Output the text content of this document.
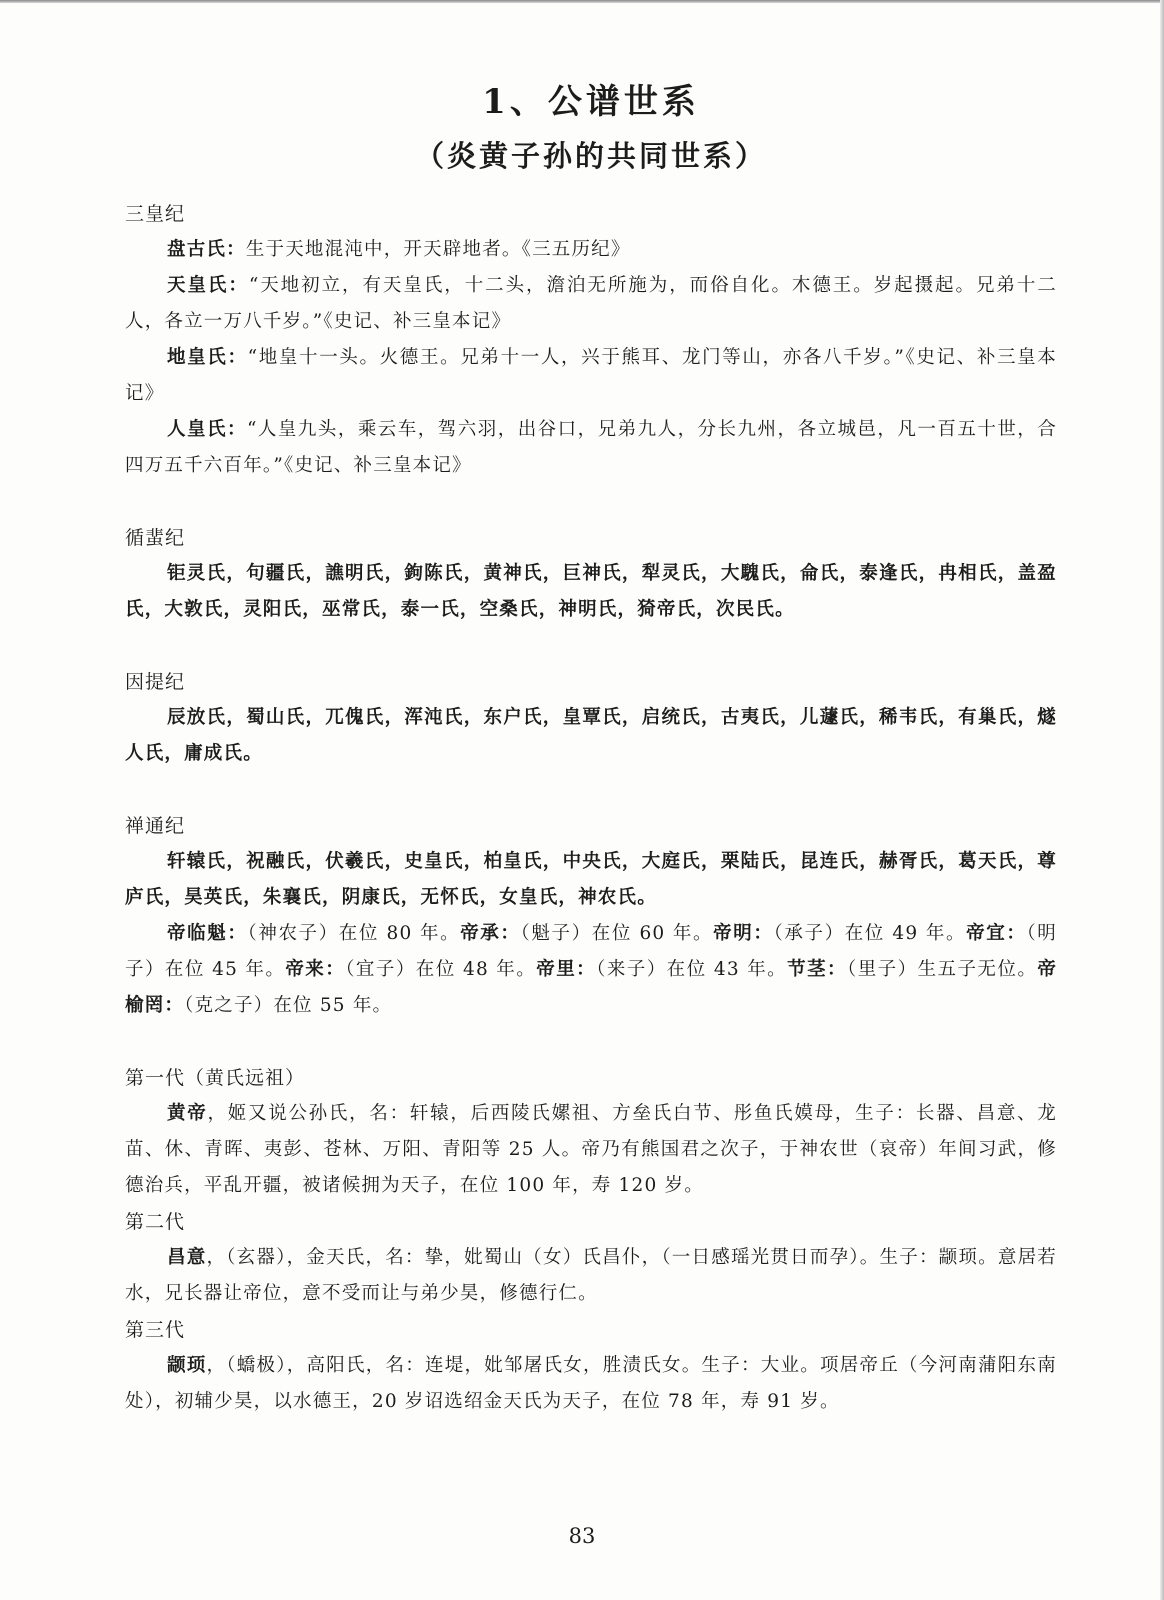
1、公谱世系
（炎黄子孙的共同世系）

三皇纪

盘古氏：生于天地混沌中，开天辟地者。《三五历纪》

天皇氏：“天地初立，有天皇氏，十二头，澹泊无所施为，而俗自化。木德王。岁起摄起。兄弟十二人，各立一万八千岁。”《史记、补三皇本记》

地皇氏：“地皇十一头。火德王。兄弟十一人，兴于熊耳、龙门等山，亦各八千岁。”《史记、补三皇本记》

人皇氏：“人皇九头，乘云车，驾六羽，出谷口，兄弟九人，分长九州，各立城邑，凡一百五十世，合四万五千六百年。”《史记、补三皇本记》

循蜚纪

钜灵氏，句疆氏，譙明氏，鉤陈氏，黄神氏，巨神氏，犁灵氏，大騩氏，侖氏，泰逢氏，冉相氏，盖盈氏，大敦氏，灵阳氏，巫常氏，泰一氏，空桑氏，神明氏，猗帝氏，次民氏。

因提纪

辰放氏，蜀山氏，兀傀氏，浑沌氏，东户氏，皇覃氏，启统氏，古夷氏，儿蘧氏，稀韦氏，有巢氏，燧人氏，庸成氏。

禅通纪

轩辕氏，祝融氏，伏羲氏，史皇氏，柏皇氏，中央氏，大庭氏，栗陆氏，昆连氏，赫胥氏，葛天氏，尊庐氏，昊英氏，朱襄氏，阴康氏，无怀氏，女皇氏，神农氏。

帝临魁：（神农子）在位 80 年。帝承：（魁子）在位 60 年。帝明：（承子）在位 49 年。帝宜：（明子）在位 45 年。帝来：（宜子）在位 48 年。帝里：（来子）在位 43 年。节茎：（里子）生五子无位。帝榆罔：（克之子）在位 55 年。

第一代（黄氏远祖）

黄帝，姬又说公孙氏，名：轩辕，后西陵氏嫘祖、方垒氏白节、彤鱼氏嫫母，生子：长器、昌意、龙苗、休、青晖、夷彭、苍林、万阳、青阳等 25 人。帝乃有熊国君之次子，于神农世（哀帝）年间习武，修德治兵，平乱开疆，被诸候拥为天子，在位 100 年，寿 120 岁。

第二代

昌意，（玄器），金天氏，名：挚，妣蜀山（女）氏昌仆，（一日感瑶光贯日而孕）。生子：颛顼。意居若水，兄长器让帝位，意不受而让与弟少昊，修德行仁。

第三代

颛顼，（蟜极），高阳氏，名：连堤，妣邹屠氏女，胜渍氏女。生子：大业。项居帝丘（今河南蒲阳东南处），初辅少昊，以水德王，20 岁诏选绍金天氏为天子，在位 78 年，寿 91 岁。

83
